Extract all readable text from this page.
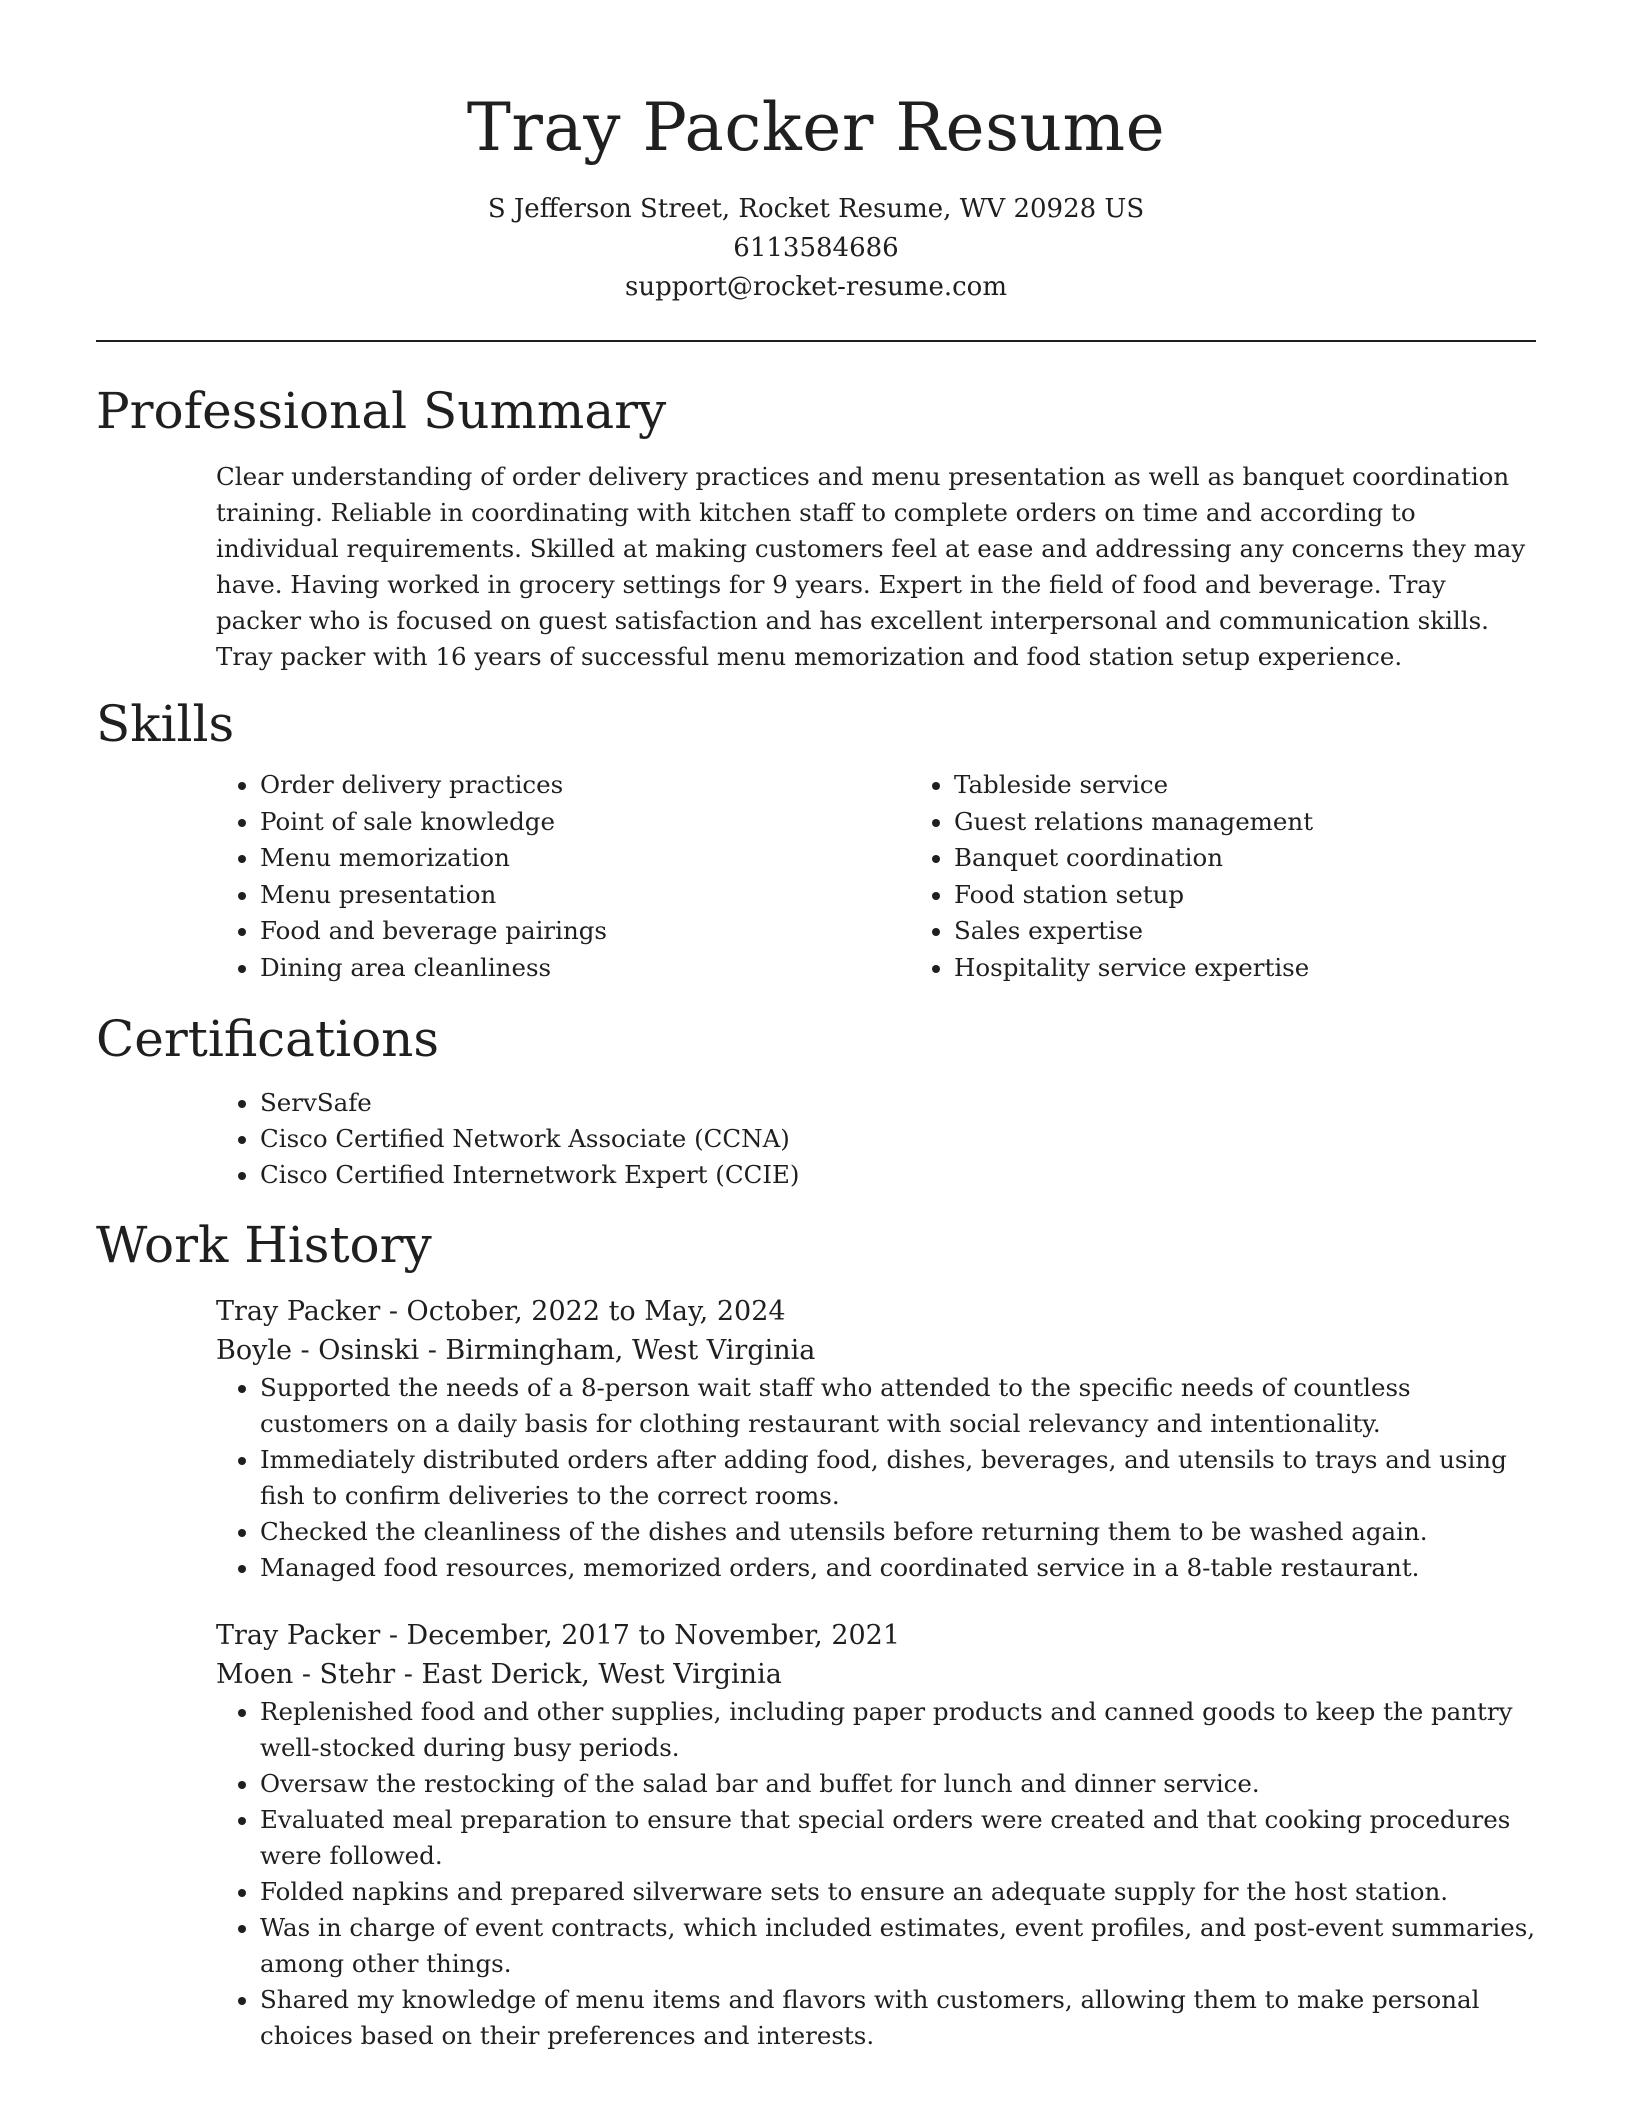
Tray Packer Resume
S Jefferson Street, Rocket Resume, WV 20928 US
6113584686
support@rocket-resume.com
Professional Summary

Clear understanding of order delivery practices and menu presentation as well as banquet coordination training. Reliable in coordinating with kitchen staff to complete orders on time and according to individual requirements. Skilled at making customers feel at ease and addressing any concerns they may have. Having worked in grocery settings for 9 years. Expert in the field of food and beverage. Tray packer who is focused on guest satisfaction and has excellent interpersonal and communication skills. Tray packer with 16 years of successful menu memorization and food station setup experience.

Skills
• Order delivery practices
• Point of sale knowledge
• Menu memorization
• Menu presentation
• Food and beverage pairings
• Dining area cleanliness
• Tableside service
• Guest relations management
• Banquet coordination
• Food station setup
• Sales expertise
• Hospitality service expertise
Certifications
• ServSafe
• Cisco Certified Network Associate (CCNA)
• Cisco Certified Internetwork Expert (CCIE)
Work History
Tray Packer - October, 2022 to May, 2024
Boyle - Osinski - Birmingham, West Virginia
• Supported the needs of a 8-person wait staff who attended to the specific needs of countless customers on a daily basis for clothing restaurant with social relevancy and intentionality.
• Immediately distributed orders after adding food, dishes, beverages, and utensils to trays and using fish to confirm deliveries to the correct rooms.
• Checked the cleanliness of the dishes and utensils before returning them to be washed again.
• Managed food resources, memorized orders, and coordinated service in a 8-table restaurant.
Tray Packer - December, 2017 to November, 2021
Moen - Stehr - East Derick, West Virginia
• Replenished food and other supplies, including paper products and canned goods to keep the pantry well-stocked during busy periods.
• Oversaw the restocking of the salad bar and buffet for lunch and dinner service.
• Evaluated meal preparation to ensure that special orders were created and that cooking procedures were followed.
• Folded napkins and prepared silverware sets to ensure an adequate supply for the host station.
• Was in charge of event contracts, which included estimates, event profiles, and post-event summaries, among other things.
• Shared my knowledge of menu items and flavors with customers, allowing them to make personal choices based on their preferences and interests.
